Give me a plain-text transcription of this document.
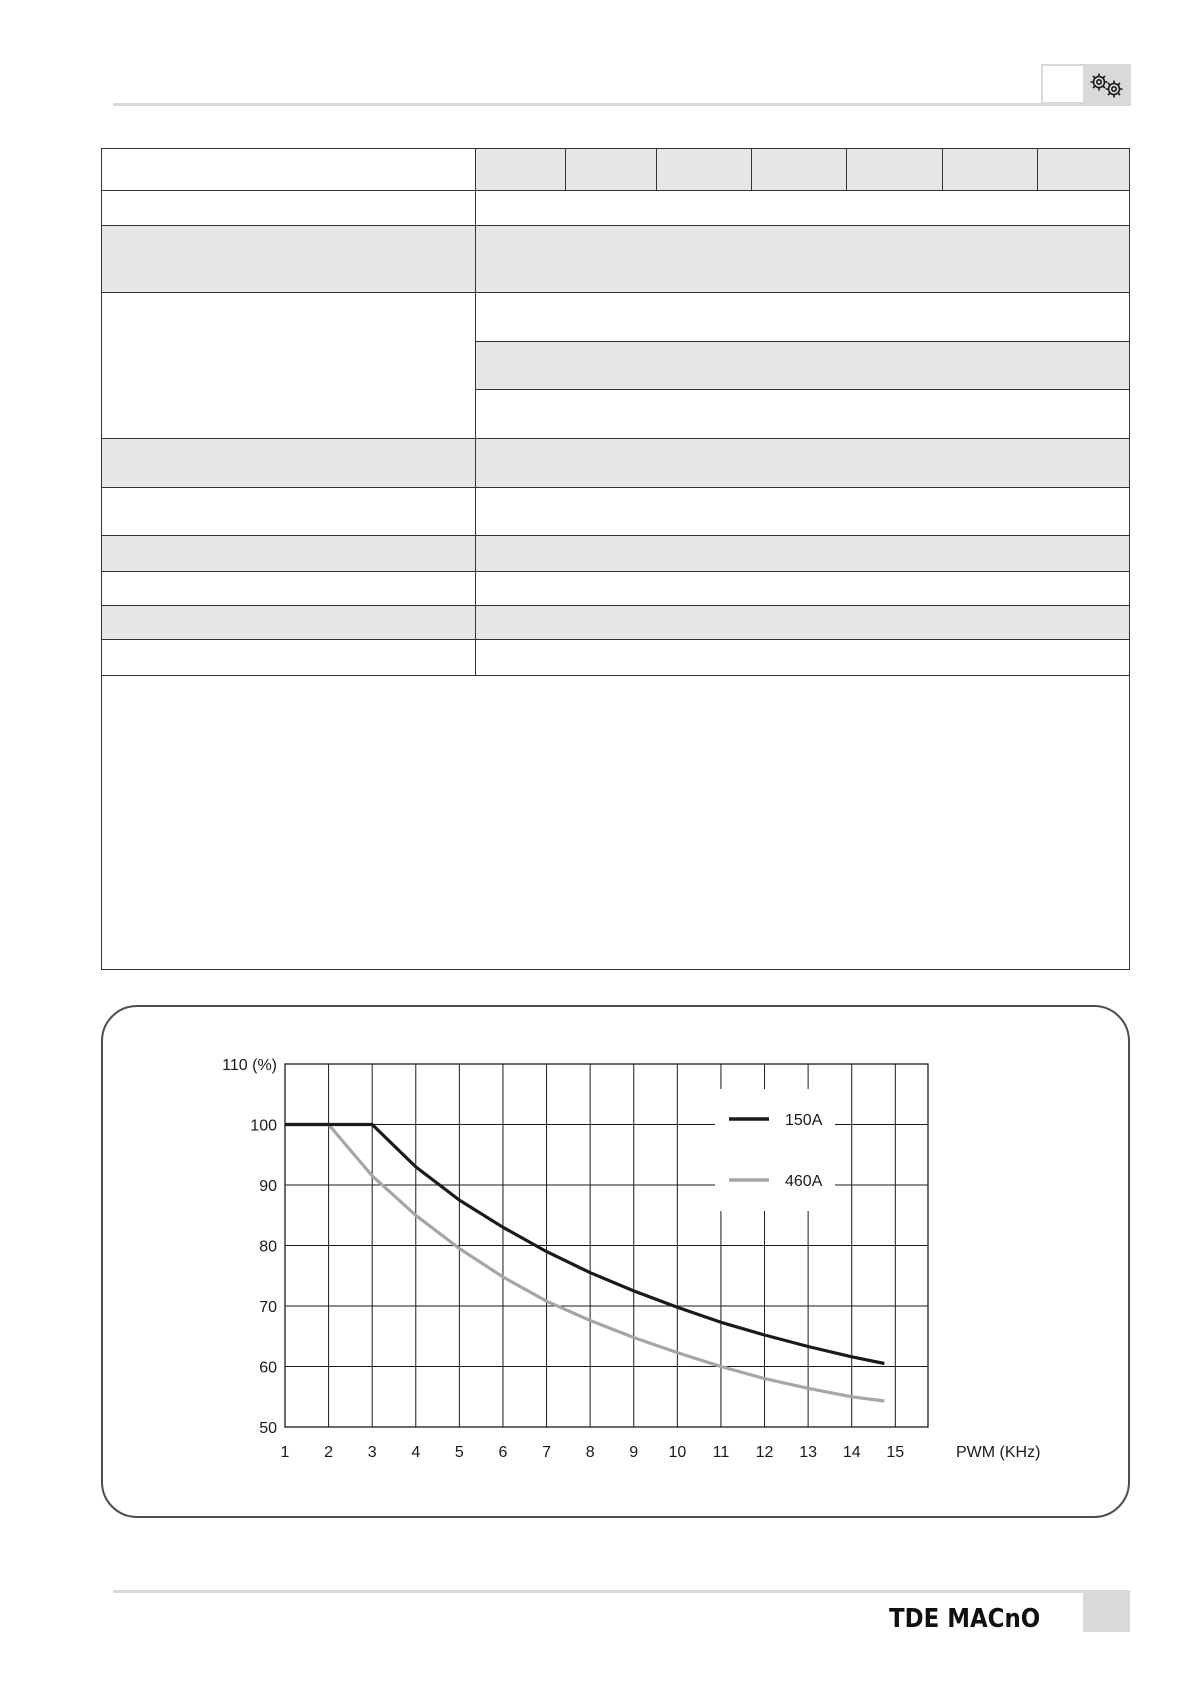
150A
460A
1 2 3 4 5 6 7 8 9 10 11 12 13 14 15
100
90
80
70
60
50
110 (%)
PWM (KHz)
TDE MACnO
